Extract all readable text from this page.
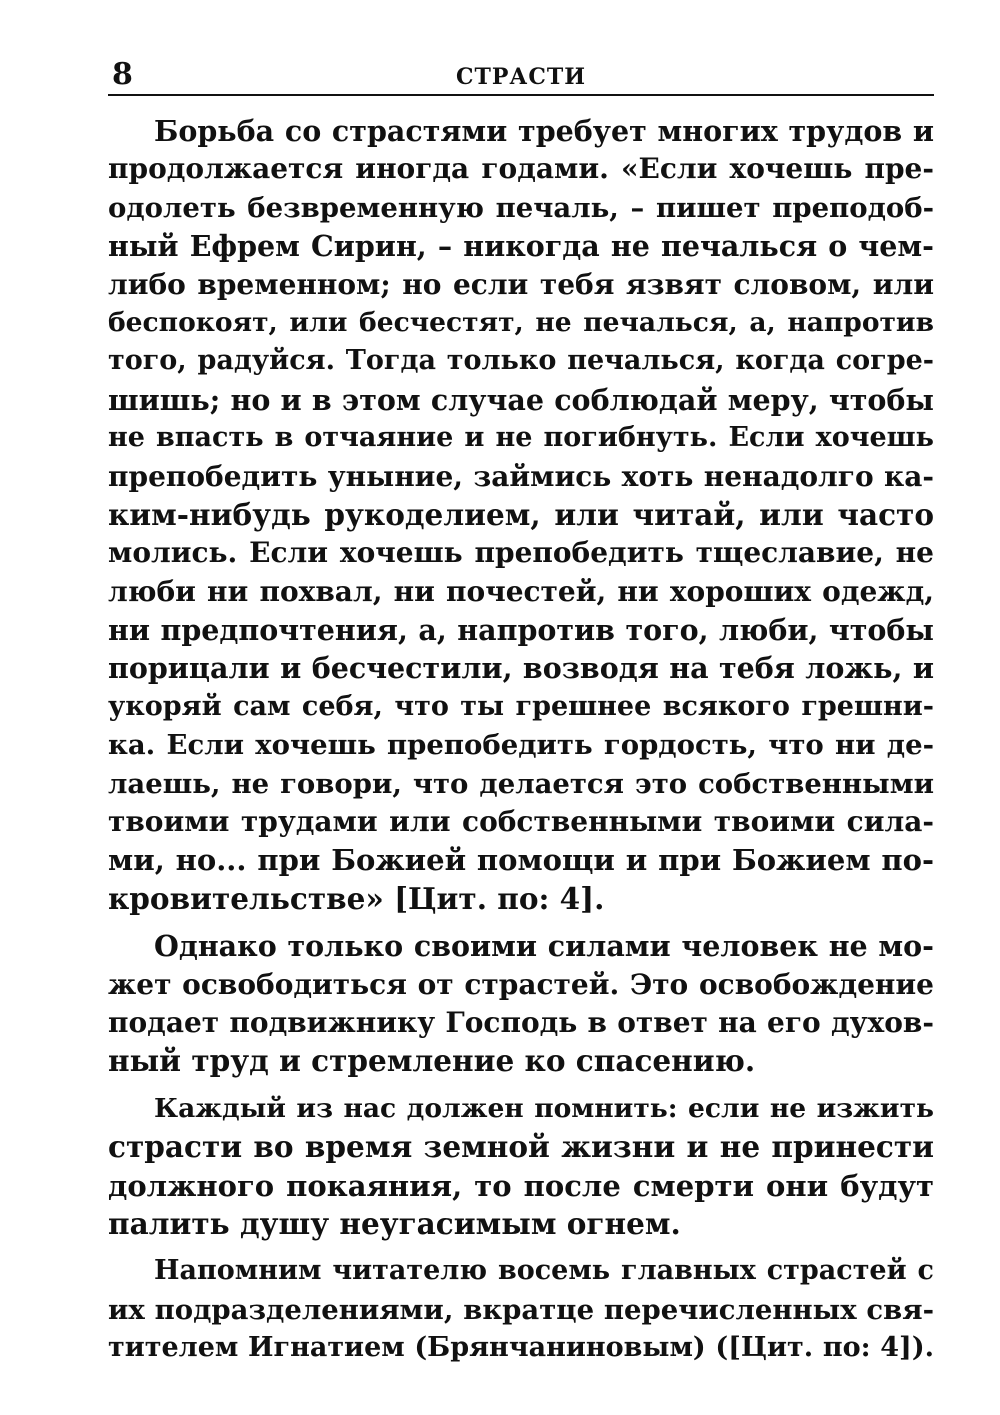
8	СТРАСТИ
Борьба со страстями требует многих трудов и
продолжается иногда годами. «Если хочешь пре-
одолеть безвременную печаль, – пишет преподоб-
ный Ефрем Сирин, – никогда не печалься о чем-
либо временном; но если тебя язвят словом, или
беспокоят, или бесчестят, не печалься, а, напротив
того, радуйся. Тогда только печалься, когда согре-
шишь; но и в этом случае соблюдай меру, чтобы
не впасть в отчаяние и не погибнуть. Если хочешь
препобедить уныние, займись хоть ненадолго ка-
ким-нибудь рукоделием, или читай, или часто
молись. Если хочешь препобедить тщеславие, не
люби ни похвал, ни почестей, ни хороших одежд,
ни предпочтения, а, напротив того, люби, чтобы
порицали и бесчестили, возводя на тебя ложь, и
укоряй сам себя, что ты грешнее всякого грешни-
ка. Если хочешь препобедить гордость, что ни де-
лаешь, не говори, что делается это собственными
твоими трудами или собственными твоими сила-
ми, но... при Божией помощи и при Божием по-
кровительстве» [Цит. по: 4].
Однако только своими силами человек не мо-
жет освободиться от страстей. Это освобождение
подает подвижнику Господь в ответ на его духов-
ный труд и стремление ко спасению.
Каждый из нас должен помнить: если не изжить
страсти во время земной жизни и не принести
должного покаяния, то после смерти они будут
палить душу неугасимым огнем.
Напомним читателю восемь главных страстей с
их подразделениями, вкратце перечисленных свя-
тителем Игнатием (Брянчаниновым) ([Цит. по: 4]).
